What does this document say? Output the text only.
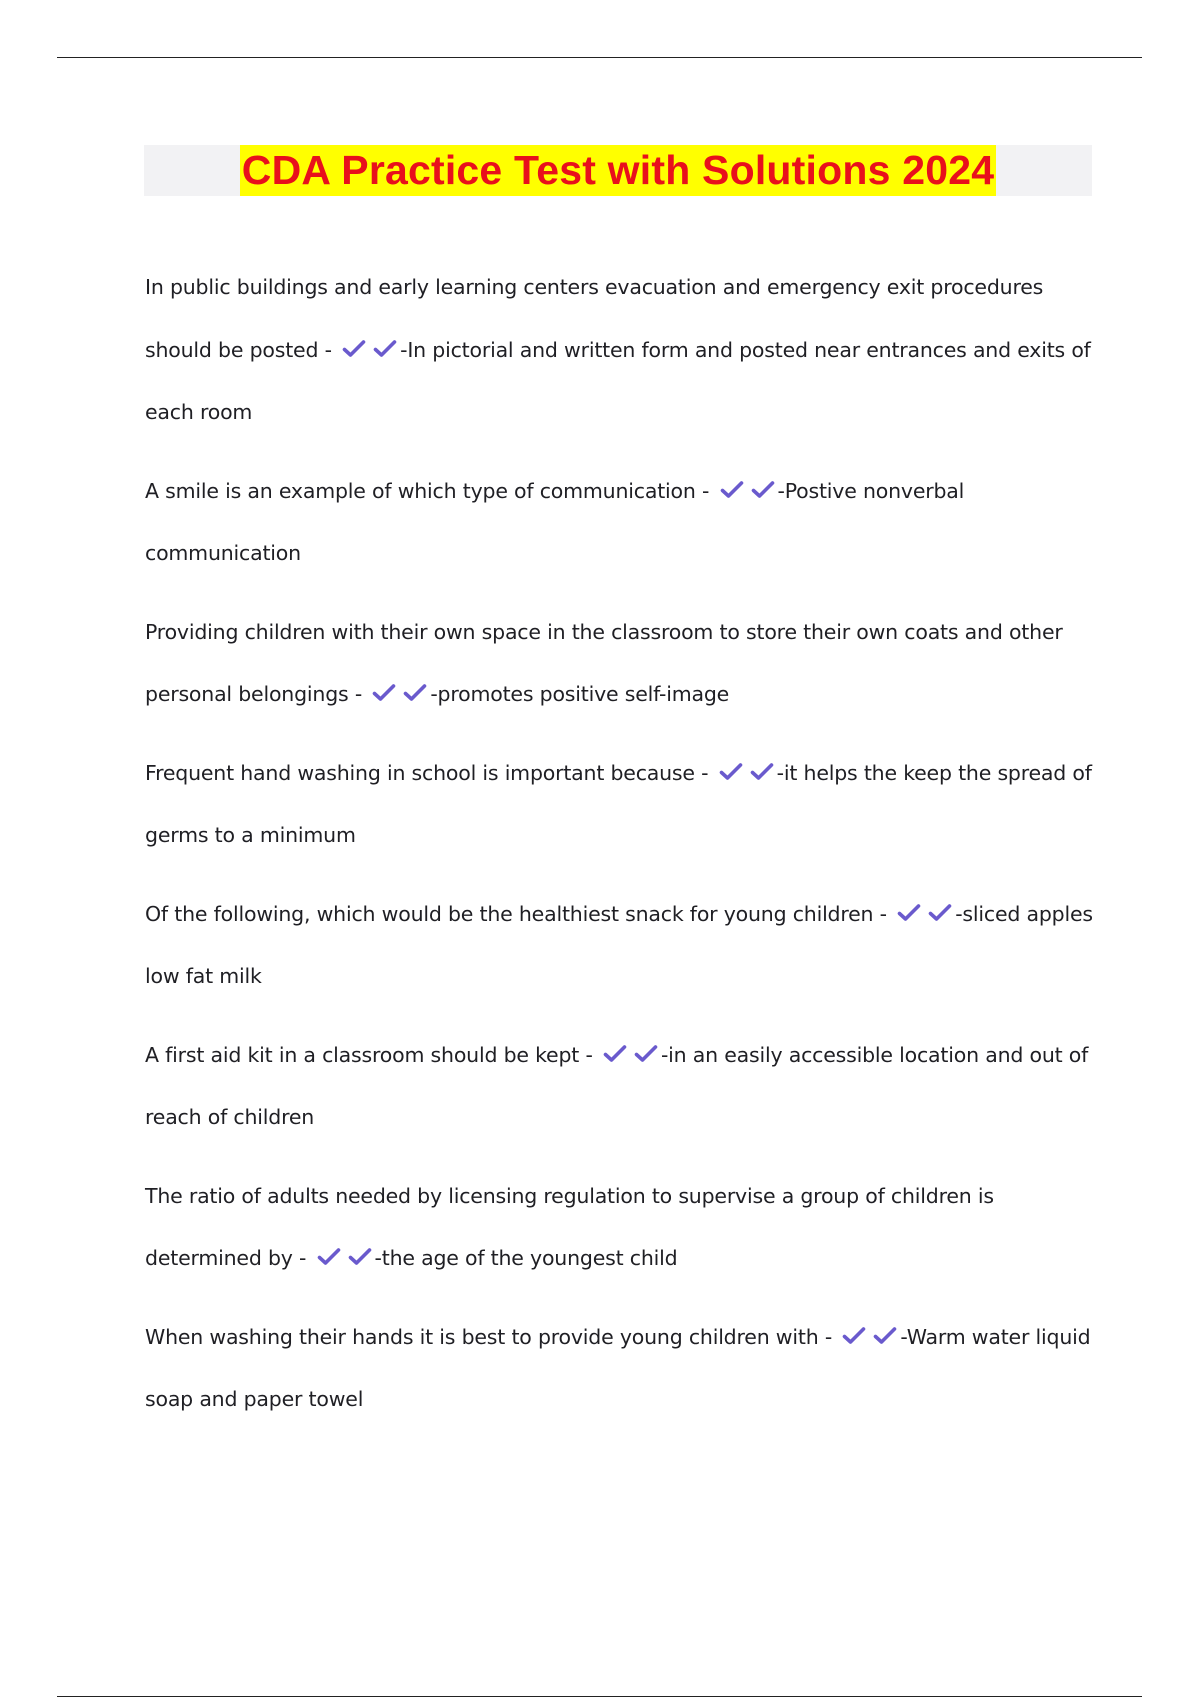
CDA Practice Test with Solutions 2024

In public buildings and early learning centers evacuation and emergency exit procedures should be posted -	-In pictorial and written form and posted near entrances and exits of each room

A smile is an example of which type of communication -	-Postive nonverbal communication

Providing children with their own space in the classroom to store their own coats and other personal belongings -	-promotes positive self-image

Frequent hand washing in school is important because -	-it helps the keep the spread of germs to a minimum

Of the following, which would be the healthiest snack for young children -	-sliced apples low fat milk

A first aid kit in a classroom should be kept -	-in an easily accessible location and out of reach of children

The ratio of adults needed by licensing regulation to supervise a group of children is determined by -	-the age of the youngest child

When washing their hands it is best to provide young children with -	-Warm water liquid soap and paper towel
